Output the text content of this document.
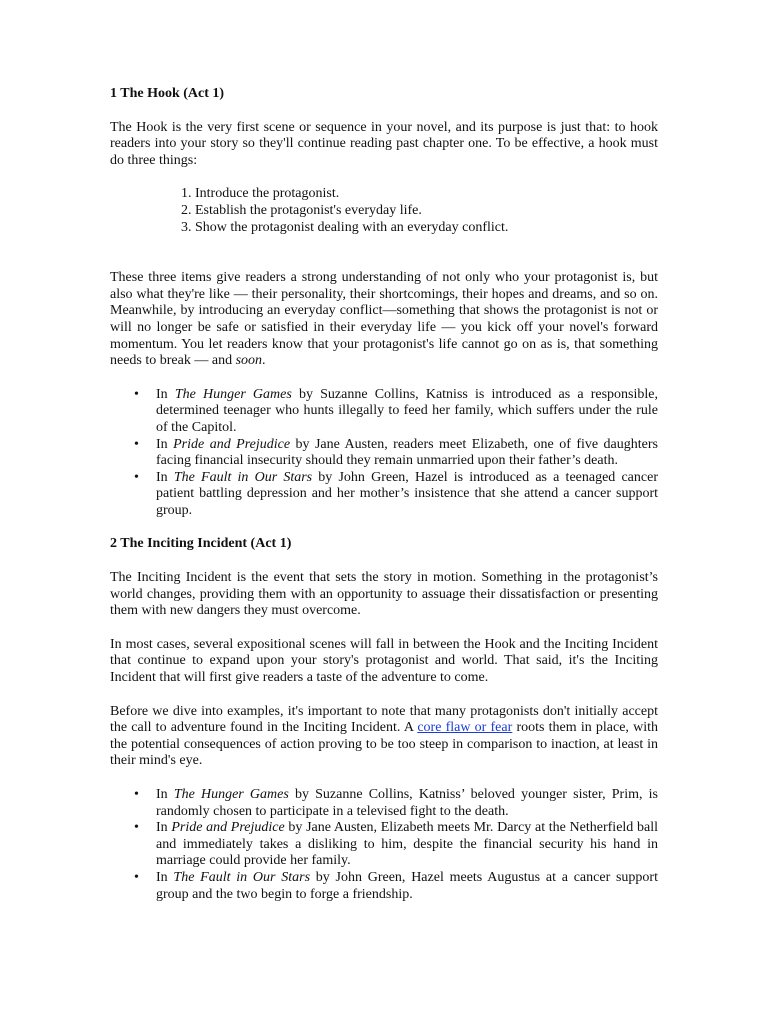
1 The Hook (Act 1)

The Hook is the very first scene or sequence in your novel, and its purpose is just that: to hook readers into your story so they'll continue reading past chapter one. To be effective, a hook must do three things:

1. Introduce the protagonist.
2. Establish the protagonist's everyday life.
3. Show the protagonist dealing with an everyday conflict.

These three items give readers a strong understanding of not only who your protagonist is, but also what they're like — their personality, their shortcomings, their hopes and dreams, and so on. Meanwhile, by introducing an everyday conflict—something that shows the protagonist is not or will no longer be safe or satisfied in their everyday life — you kick off your novel's forward momentum. You let readers know that your protagonist's life cannot go on as is, that something needs to break — and soon.

• In The Hunger Games by Suzanne Collins, Katniss is introduced as a responsible, determined teenager who hunts illegally to feed her family, which suffers under the rule of the Capitol.
• In Pride and Prejudice by Jane Austen, readers meet Elizabeth, one of five daughters facing financial insecurity should they remain unmarried upon their father’s death.
• In The Fault in Our Stars by John Green, Hazel is introduced as a teenaged cancer patient battling depression and her mother’s insistence that she attend a cancer support group.
2 The Inciting Incident (Act 1)

The Inciting Incident is the event that sets the story in motion. Something in the protagonist’s world changes, providing them with an opportunity to assuage their dissatisfaction or presenting them with new dangers they must overcome.

In most cases, several expositional scenes will fall in between the Hook and the Inciting Incident that continue to expand upon your story's protagonist and world. That said, it's the Inciting Incident that will first give readers a taste of the adventure to come.

Before we dive into examples, it's important to note that many protagonists don't initially accept the call to adventure found in the Inciting Incident. A core flaw or fear roots them in place, with the potential consequences of action proving to be too steep in comparison to inaction, at least in their mind's eye.

• In The Hunger Games by Suzanne Collins, Katniss’ beloved younger sister, Prim, is randomly chosen to participate in a televised fight to the death.
• In Pride and Prejudice by Jane Austen, Elizabeth meets Mr. Darcy at the Netherfield ball and immediately takes a disliking to him, despite the financial security his hand in marriage could provide her family.
• In The Fault in Our Stars by John Green, Hazel meets Augustus at a cancer support group and the two begin to forge a friendship.
